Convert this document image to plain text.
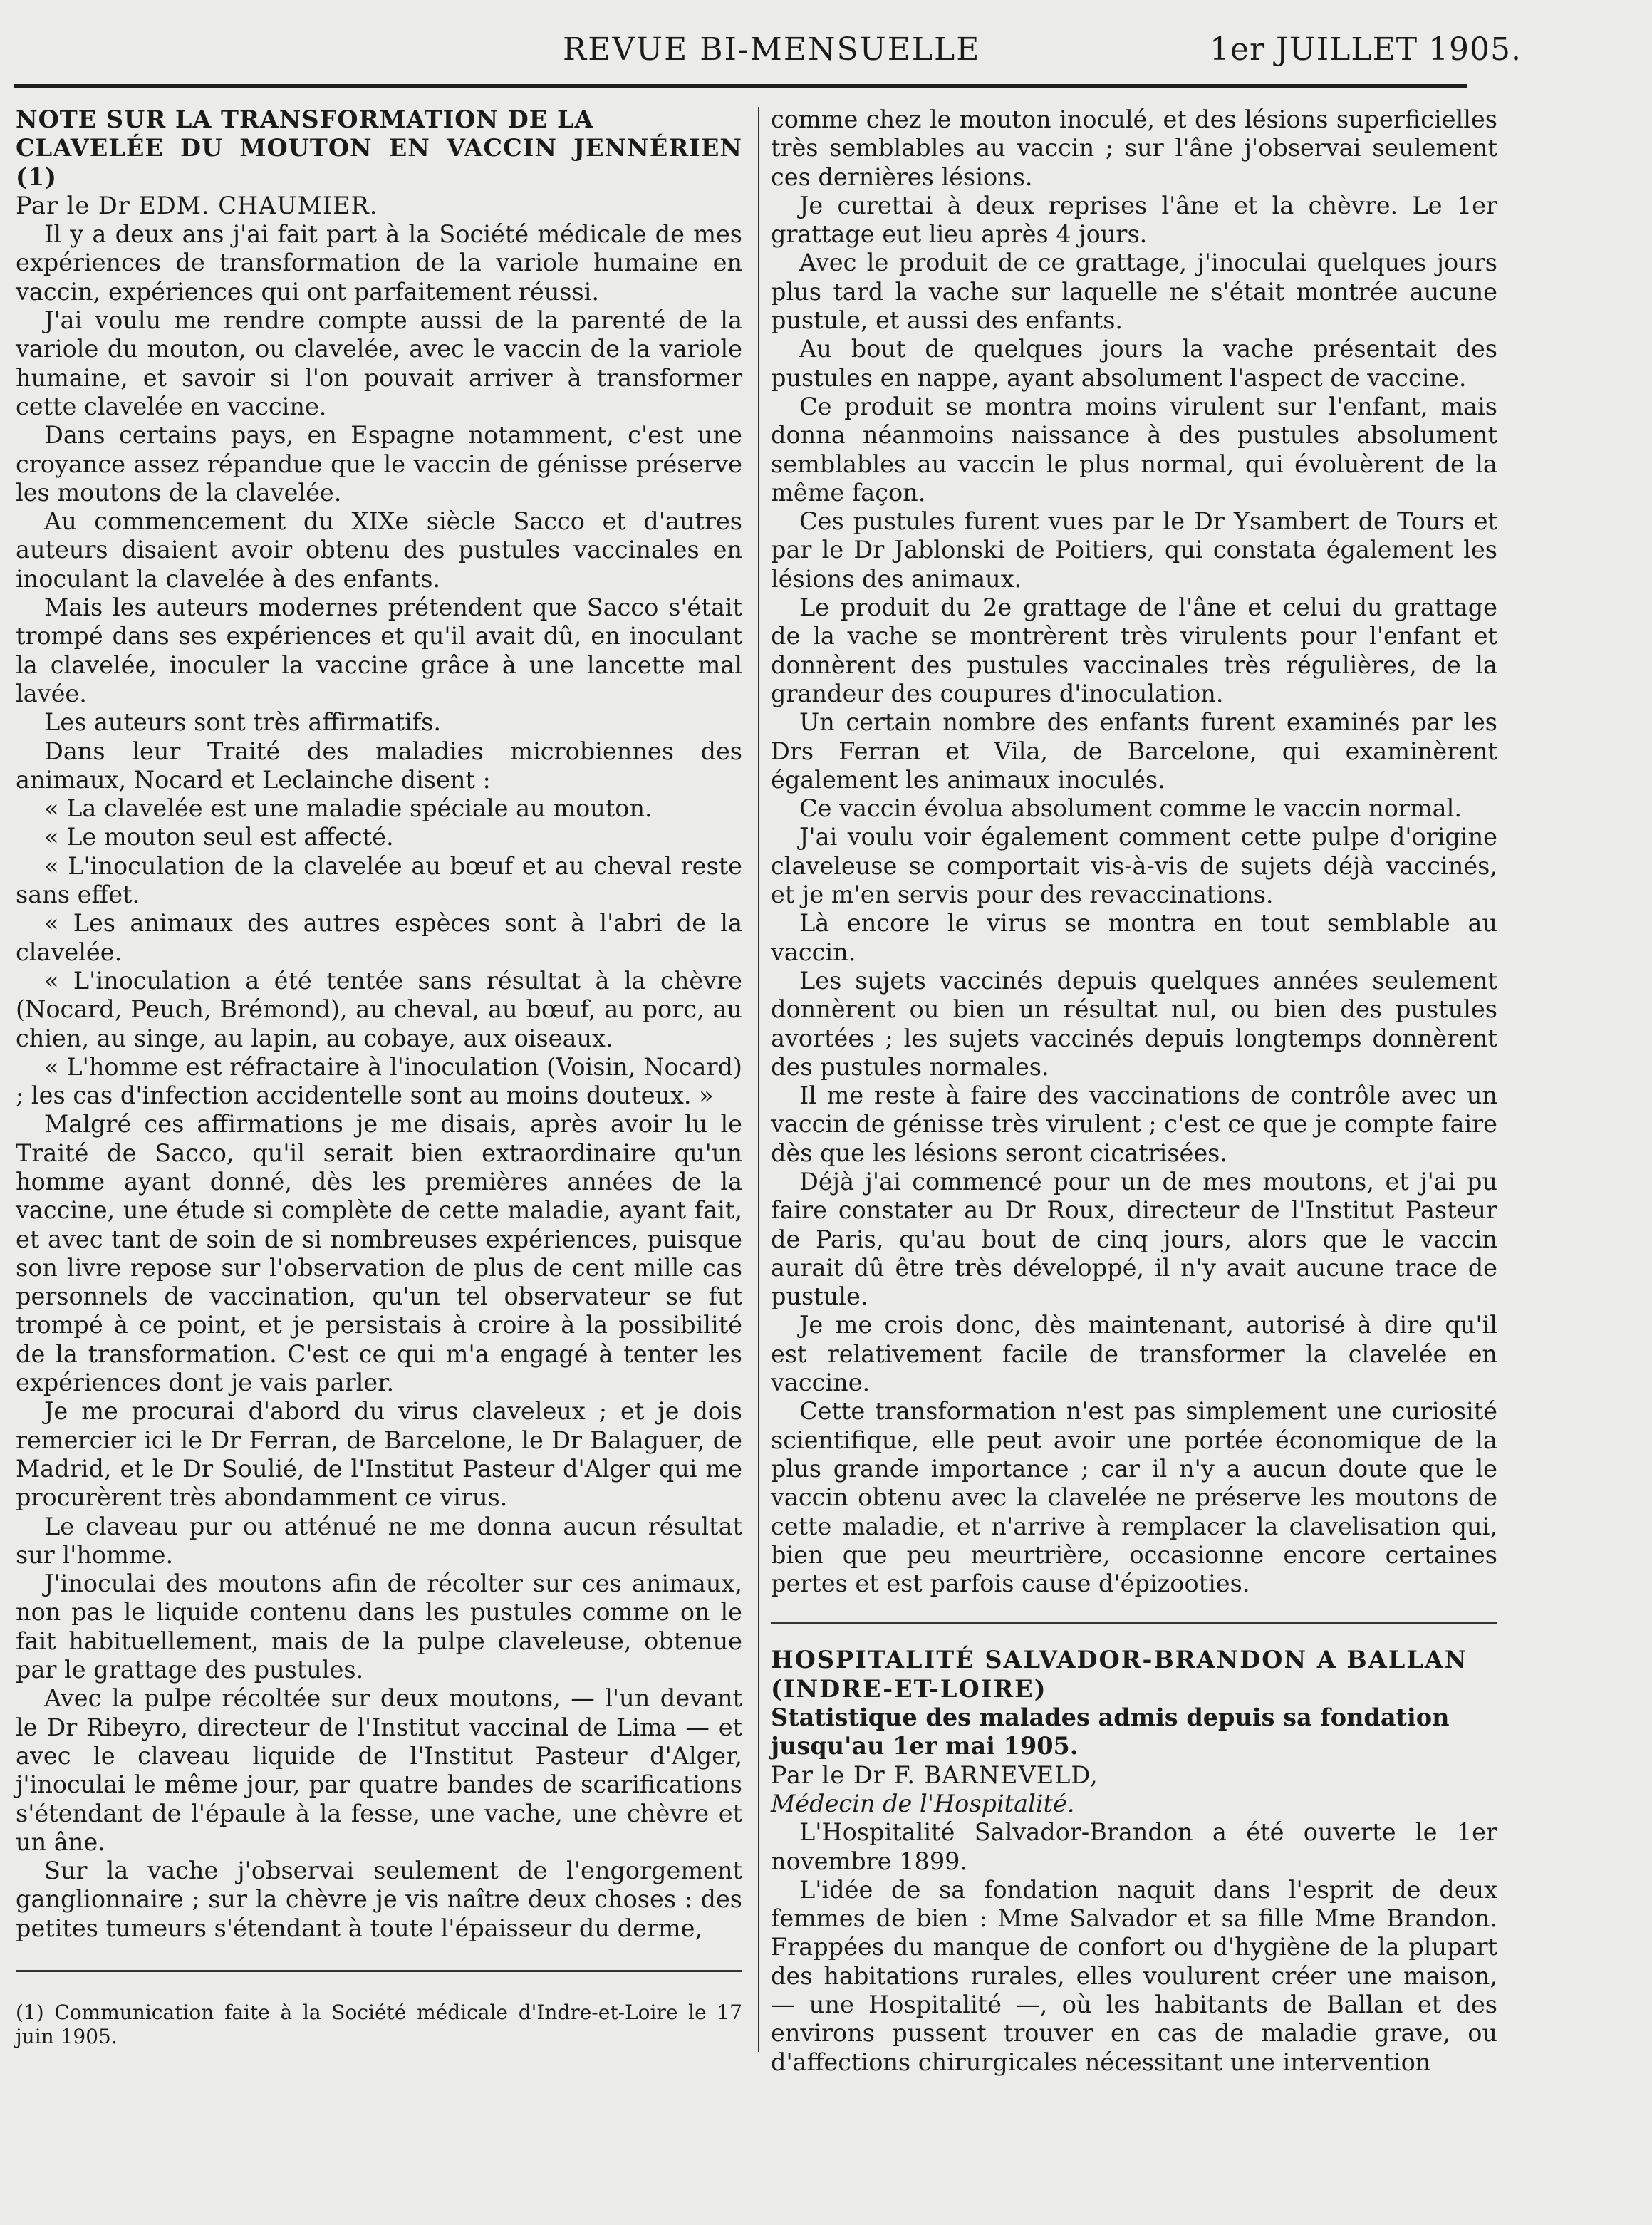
REVUE BI-MENSUELLE	1er JUILLET 1905.

NOTE SUR LA TRANSFORMATION DE LA

CLAVELÉE DU MOUTON EN VACCIN JENNÉRIEN (1)

Par le Dr EDM. CHAUMIER.

Il y a deux ans j'ai fait part à la Société médicale de mes expériences de transformation de la variole humaine en vaccin, expériences qui ont parfaitement réussi.

J'ai voulu me rendre compte aussi de la parenté de la variole du mouton, ou clavelée, avec le vaccin de la variole humaine, et savoir si l'on pouvait arriver à transformer cette clavelée en vaccine.

Dans certains pays, en Espagne notamment, c'est une croyance assez répandue que le vaccin de génisse préserve les moutons de la clavelée.

Au commencement du XIXe siècle Sacco et d'autres auteurs disaient avoir obtenu des pustules vaccinales en inoculant la clavelée à des enfants.

Mais les auteurs modernes prétendent que Sacco s'était trompé dans ses expériences et qu'il avait dû, en inoculant la clavelée, inoculer la vaccine grâce à une lancette mal lavée.

Les auteurs sont très affirmatifs.

Dans leur Traité des maladies microbiennes des animaux, Nocard et Leclainche disent :

« La clavelée est une maladie spéciale au mouton.

« Le mouton seul est affecté.

« L'inoculation de la clavelée au bœuf et au cheval reste sans effet.

« Les animaux des autres espèces sont à l'abri de la clavelée.

« L'inoculation a été tentée sans résultat à la chèvre (Nocard, Peuch, Brémond), au cheval, au bœuf, au porc, au chien, au singe, au lapin, au cobaye, aux oiseaux.

« L'homme est réfractaire à l'inoculation (Voisin, Nocard) ; les cas d'infection accidentelle sont au moins douteux. »

Malgré ces affirmations je me disais, après avoir lu le Traité de Sacco, qu'il serait bien extraordinaire qu'un homme ayant donné, dès les premières années de la vaccine, une étude si complète de cette maladie, ayant fait, et avec tant de soin de si nombreuses expériences, puisque son livre repose sur l'observation de plus de cent mille cas personnels de vaccination, qu'un tel observateur se fut trompé à ce point, et je persistais à croire à la possibilité de la transformation. C'est ce qui m'a engagé à tenter les expériences dont je vais parler.

Je me procurai d'abord du virus claveleux ; et je dois remercier ici le Dr Ferran, de Barcelone, le Dr Balaguer, de Madrid, et le Dr Soulié, de l'Institut Pasteur d'Alger qui me procurèrent très abondamment ce virus.

Le claveau pur ou atténué ne me donna aucun résultat sur l'homme.

J'inoculai des moutons afin de récolter sur ces animaux, non pas le liquide contenu dans les pustules comme on le fait habituellement, mais de la pulpe claveleuse, obtenue par le grattage des pustules.

Avec la pulpe récoltée sur deux moutons, — l'un devant le Dr Ribeyro, directeur de l'Institut vaccinal de Lima — et avec le claveau liquide de l'Institut Pasteur d'Alger, j'inoculai le même jour, par quatre bandes de scarifications s'étendant de l'épaule à la fesse, une vache, une chèvre et un âne.

Sur la vache j'observai seulement de l'engorgement ganglionnaire ; sur la chèvre je vis naître deux choses : des petites tumeurs s'étendant à toute l'épaisseur du derme,

(1) Communication faite à la Société médicale d'Indre-et-Loire le 17 juin 1905.

comme chez le mouton inoculé, et des lésions superficielles très semblables au vaccin ; sur l'âne j'observai seulement ces dernières lésions.

Je curettai à deux reprises l'âne et la chèvre. Le 1er grattage eut lieu après 4 jours.

Avec le produit de ce grattage, j'inoculai quelques jours plus tard la vache sur laquelle ne s'était montrée aucune pustule, et aussi des enfants.

Au bout de quelques jours la vache présentait des pustules en nappe, ayant absolument l'aspect de vaccine.

Ce produit se montra moins virulent sur l'enfant, mais donna néanmoins naissance à des pustules absolument semblables au vaccin le plus normal, qui évoluèrent de la même façon.

Ces pustules furent vues par le Dr Ysambert de Tours et par le Dr Jablonski de Poitiers, qui constata également les lésions des animaux.

Le produit du 2e grattage de l'âne et celui du grattage de la vache se montrèrent très virulents pour l'enfant et donnèrent des pustules vaccinales très régulières, de la grandeur des coupures d'inoculation.

Un certain nombre des enfants furent examinés par les Drs Ferran et Vila, de Barcelone, qui examinèrent également les animaux inoculés.

Ce vaccin évolua absolument comme le vaccin normal.

J'ai voulu voir également comment cette pulpe d'origine claveleuse se comportait vis-à-vis de sujets déjà vaccinés, et je m'en servis pour des revaccinations.

Là encore le virus se montra en tout semblable au vaccin.

Les sujets vaccinés depuis quelques années seulement donnèrent ou bien un résultat nul, ou bien des pustules avortées ; les sujets vaccinés depuis longtemps donnèrent des pustules normales.

Il me reste à faire des vaccinations de contrôle avec un vaccin de génisse très virulent ; c'est ce que je compte faire dès que les lésions seront cicatrisées.

Déjà j'ai commencé pour un de mes moutons, et j'ai pu faire constater au Dr Roux, directeur de l'Institut Pasteur de Paris, qu'au bout de cinq jours, alors que le vaccin aurait dû être très développé, il n'y avait aucune trace de pustule.

Je me crois donc, dès maintenant, autorisé à dire qu'il est relativement facile de transformer la clavelée en vaccine.

Cette transformation n'est pas simplement une curiosité scientifique, elle peut avoir une portée économique de la plus grande importance ; car il n'y a aucun doute que le vaccin obtenu avec la clavelée ne préserve les moutons de cette maladie, et n'arrive à remplacer la clavelisation qui, bien que peu meurtrière, occasionne encore certaines pertes et est parfois cause d'épizooties.

HOSPITALITÉ SALVADOR-BRANDON A BALLAN

(INDRE-ET-LOIRE)

Statistique des malades admis depuis sa fondation

jusqu'au 1er mai 1905.

Par le Dr F. BARNEVELD,

Médecin de l'Hospitalité.

L'Hospitalité Salvador-Brandon a été ouverte le 1er novembre 1899.

L'idée de sa fondation naquit dans l'esprit de deux femmes de bien : Mme Salvador et sa fille Mme Brandon. Frappées du manque de confort ou d'hygiène de la plupart des habitations rurales, elles voulurent créer une maison, — une Hospitalité —, où les habitants de Ballan et des environs pussent trouver en cas de maladie grave, ou d'affections chirurgicales nécessitant une intervention
